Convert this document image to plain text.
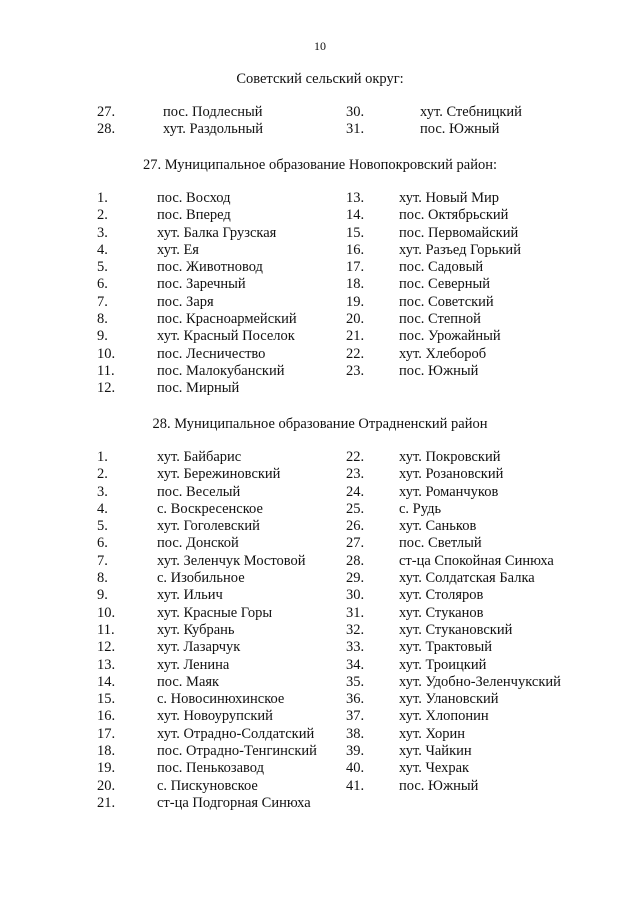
10
Советский сельский округ:
27.	пос. Подлесный	30.	хут. Стебницкий
28.	хут. Раздольный	31.	пос. Южный
27. Муниципальное образование Новопокровский район:
1.	пос. Восход	13. хут. Новый Мир
2.	пос. Вперед	14. пос. Октябрьский
3.	хут. Балка Грузская	15. пос. Первомайский
4.	хут. Ея	16. хут. Разъед Горький
5.	пос. Животновод	17. пос. Садовый
6.	пос. Заречный	18. пос. Северный
7.	пос. Заря	19. пос. Советский
8.	пос. Красноармейский	20. пос. Степной
9.	хут. Красный Поселок	21. пос. Урожайный
10.	пос. Лесничество	22. хут. Хлебороб
11.	пос. Малокубанский	23. пос. Южный
12.	пос. Мирный
28. Муниципальное образование Отрадненский район
1.	хут. Байбарис	22. хут. Покровский
2.	хут. Бережиновский	23. хут. Розановский
3.	пос. Веселый	24. хут. Романчуков
4.	с. Воскресенское	25. с. Рудь
5.	хут. Гоголевский	26. хут. Саньков
6.	пос. Донской	27. пос. Светлый
7.	хут. Зеленчук Мостовой	28. ст-ца Спокойная Синюха
8.	с. Изобильное	29. хут. Солдатская Балка
9.	хут. Ильич	30. хут. Столяров
10.	хут. Красные Горы	31. хут. Стуканов
11.	хут. Кубрань	32. хут. Стукановский
12.	хут. Лазарчук	33. хут. Трактовый
13.	хут. Ленина	34. хут. Троицкий
14.	пос. Маяк	35. хут. Удобно-Зеленчукский
15.	с. Новосинюхинское	36. хут. Улановский
16.	хут. Новоурупский	37. хут. Хлопонин
17.	хут. Отрадно-Солдатский 38. хут. Хорин
18.	пос. Отрадно-Тенгинский 39. хут. Чайкин
19.	пос. Пенькозавод	40. хут. Чехрак
20.	с. Пискуновское	41. пос. Южный
21.	ст-ца Подгорная Синюха
